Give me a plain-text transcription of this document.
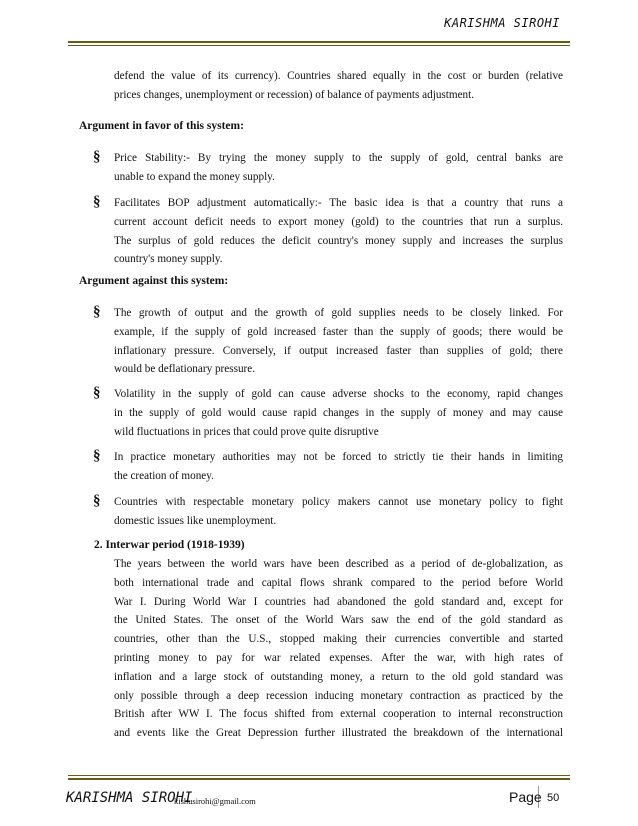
KARISHMA SIROHI
defend the value of its currency). Countries shared equally in the cost or burden (relative
prices changes, unemployment or recession) of balance of payments adjustment.
Argument in favor of this system:
§ Price Stability:- By trying the money supply to the supply of gold, central banks are
unable to expand the money supply.
§ Facilitates BOP adjustment automatically:- The basic idea is that a country that runs a
current account deficit needs to export money (gold) to the countries that run a surplus.
The surplus of gold reduces the deficit country's money supply and increases the surplus
country's money supply.
Argument against this system:
§ The growth of output and the growth of gold supplies needs to be closely linked. For
example, if the supply of gold increased faster than the supply of goods; there would be
inflationary pressure. Conversely, if output increased faster than supplies of gold; there
would be deflationary pressure.
§ Volatility in the supply of gold can cause adverse shocks to the economy, rapid changes
in the supply of gold would cause rapid changes in the supply of money and may cause
wild fluctuations in prices that could prove quite disruptive
§ In practice monetary authorities may not be forced to strictly tie their hands in limiting
the creation of money.
§ Countries with respectable monetary policy makers cannot use monetary policy to fight
domestic issues like unemployment.
2. Interwar period (1918-1939)
The years between the world wars have been described as a period of de-globalization, as
both international trade and capital flows shrank compared to the period before World
War I. During World War I countries had abandoned the gold standard and, except for
the United States. The onset of the World Wars saw the end of the gold standard as
countries, other than the U.S., stopped making their currencies convertible and started
printing money to pay for war related expenses. After the war, with high rates of
inflation and a large stock of outstanding money, a return to the old gold standard was
only possible through a deep recession inducing monetary contraction as practiced by the
British after WW I. The focus shifted from external cooperation to internal reconstruction
and events like the Great Depression further illustrated the breakdown of the international
KARISHMA SIROHI
kishusirohi@gmail.com	Page 50
